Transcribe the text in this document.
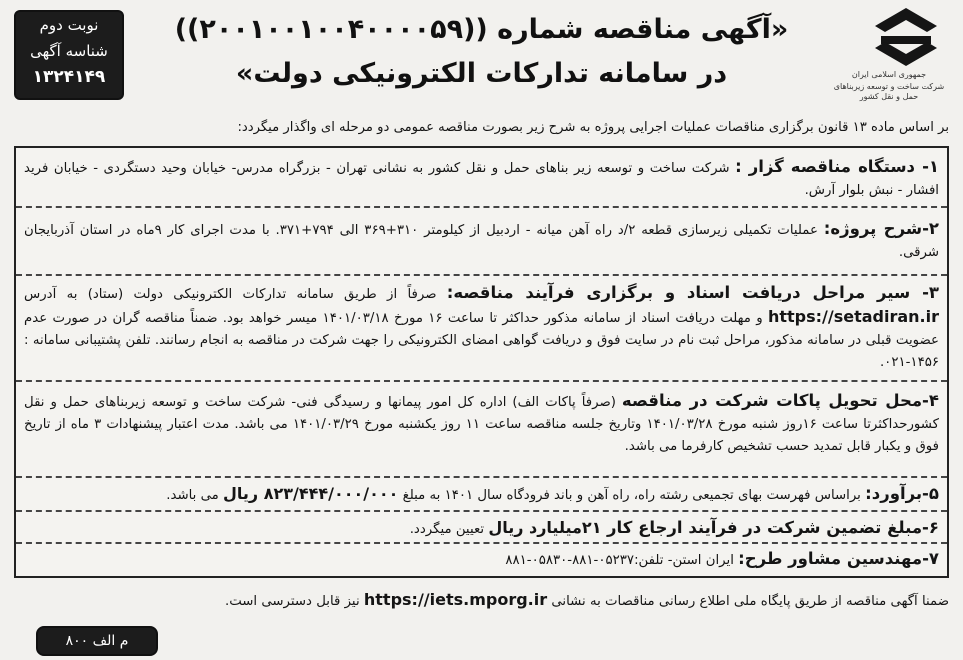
جمهوری اسلامی ایران
شرکت ساخت و توسعه زیربناهای حمل و نقل کشور
«آگهی مناقصه شماره ((۲۰۰۱۰۰۱۰۰۴۰۰۰۰۵۹))
در سامانه تدارکات الکترونیکی دولت»
نوبت دوم
شناسه آگهی
۱۳۲۴۱۴۹
بر اساس ماده ۱۳ قانون برگزاری مناقصات عملیات اجرایی پروژه به شرح زیر بصورت مناقصه عمومی دو مرحله ای واگذار میگردد:
۱- دستگاه مناقصه گزار : شرکت ساخت و توسعه زیر بناهای حمل و نقل کشور به نشانی تهران - بزرگراه مدرس- خیابان وحید دستگردی - خیابان فرید افشار - نبش بلوار آرش.
۲-شرح پروژه: عملیات تکمیلی زیرسازی قطعه ۲/د راه آهن میانه - اردبیل از کیلومتر ۳۱۰+۳۶۹ الی ۷۹۴+۳۷۱. با مدت اجرای کار ۹ماه در استان آذربایجان شرقی.
۳- سیر مراحل دریافت اسناد و برگزاری فرآیند مناقصه: صرفاً از طریق سامانه تدارکات الکترونیکی دولت (ستاد) به آدرس https://setadiran.ir و مهلت دریافت اسناد از سامانه مذکور حداکثر تا ساعت ۱۶ مورخ ۱۴۰۱/۰۳/۱۸ میسر خواهد بود. ضمناً مناقصه گران در صورت عدم عضویت قبلی در سامانه مذکور، مراحل ثبت نام در سایت فوق و دریافت گواهی امضای الکترونیکی را جهت شرکت در مناقصه به انجام رسانند. تلفن پشتیبانی سامانه : ۱۴۵۶-۰۲۱.
۴-محل تحویل پاکات شرکت در مناقصه (صرفاً پاکات الف) اداره کل امور پیمانها و رسیدگی فنی- شرکت ساخت و توسعه زیربناهای حمل و نقل کشورحداکثرتا ساعت ۱۶روز شنبه مورخ ۱۴۰۱/۰۳/۲۸ وتاریخ جلسه مناقصه ساعت ۱۱ روز یکشنبه مورخ ۱۴۰۱/۰۳/۲۹ می باشد. مدت اعتبار پیشنهادات ۳ ماه از تاریخ فوق و یکبار قابل تمدید حسب تشخیص کارفرما می باشد.
۵-برآورد: براساس فهرست بهای تجمیعی رشته راه، راه آهن و باند فرودگاه سال ۱۴۰۱ به مبلغ ۸۲۳/۴۴۴/۰۰۰/۰۰۰ ریال می باشد.
۶-مبلغ تضمین شرکت در فرآیند ارجاع کار ۲۱میلیارد ریال تعیین میگردد.
۷-مهندسین مشاور طرح: ایران استن- تلفن:۰۵۲۳۷-۸۸۱-۰۵۸۳۰-۸۸۱
ضمنا آگهی مناقصه از طریق پایگاه ملی اطلاع رسانی مناقصات به نشانی https://iets.mporg.ir نیز قابل دسترسی است.
م الف ۸۰۰
